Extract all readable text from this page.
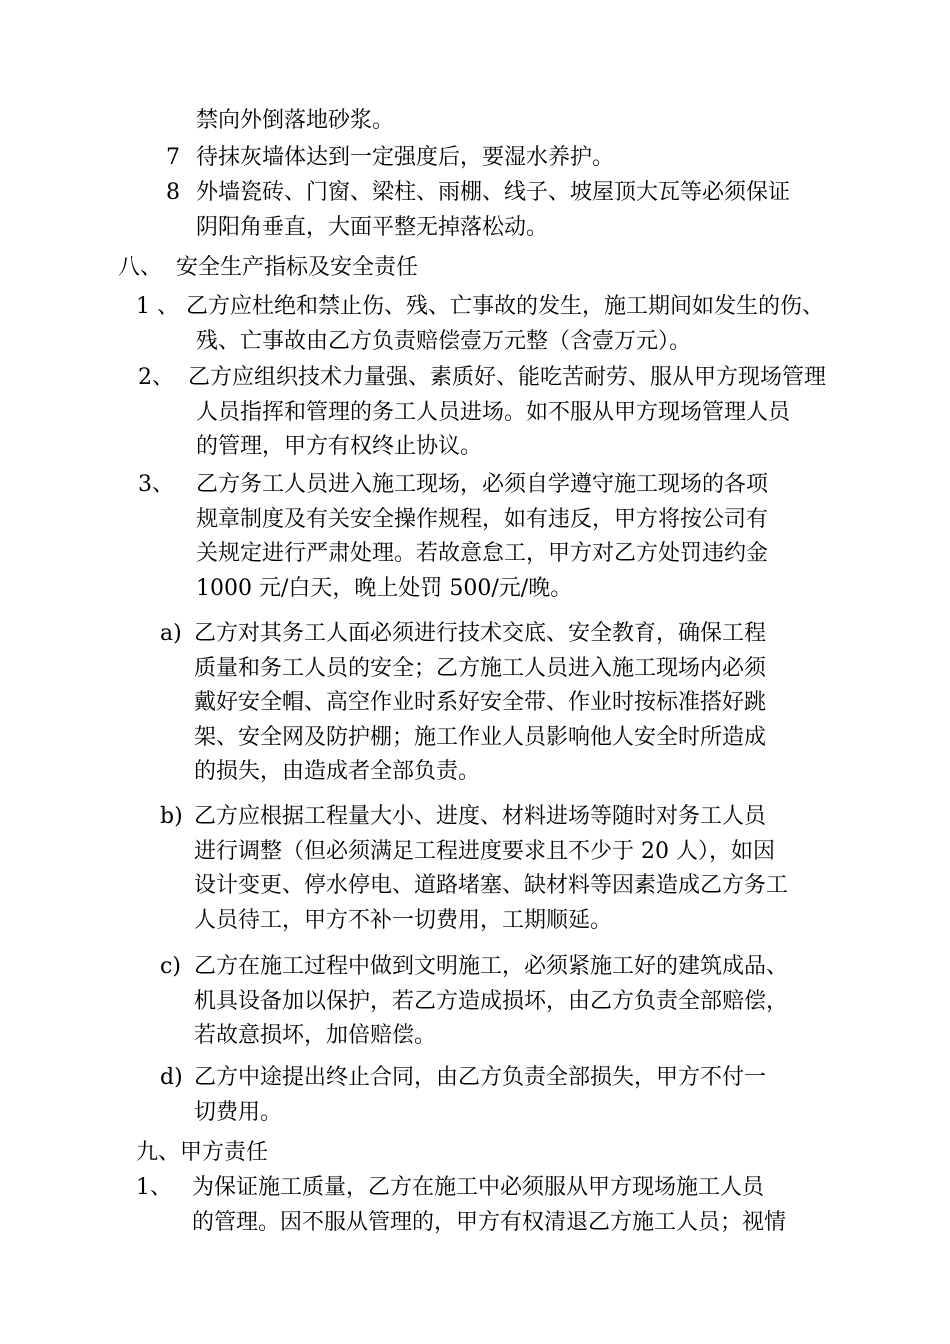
禁向外倒落地砂浆。
7 待抹灰墙体达到一定强度后，要湿水养护。
8 外墙瓷砖、门窗、梁柱、雨棚、线子、坡屋顶大瓦等必须保证
阴阳角垂直，大面平整无掉落松动。
八、 安全生产指标及安全责任
1 、 乙方应杜绝和禁止伤、残、亡事故的发生，施工期间如发生的伤、
残、亡事故由乙方负责赔偿壹万元整（含壹万元）。
2、 乙方应组织技术力量强、素质好、能吃苦耐劳、服从甲方现场管理
人员指挥和管理的务工人员进场。如不服从甲方现场管理人员
的管理，甲方有权终止协议。
3、 乙方务工人员进入施工现场，必须自学遵守施工现场的各项
规章制度及有关安全操作规程，如有违反，甲方将按公司有
关规定进行严肃处理。若故意怠工，甲方对乙方处罚违约金
1000 元/白天，晚上处罚 500/元/晚。
a) 乙方对其务工人面必须进行技术交底、安全教育，确保工程
质量和务工人员的安全；乙方施工人员进入施工现场内必须
戴好安全帽、高空作业时系好安全带、作业时按标准搭好跳
架、安全网及防护棚；施工作业人员影响他人安全时所造成
的损失，由造成者全部负责。
b) 乙方应根据工程量大小、进度、材料进场等随时对务工人员
进行调整（但必须满足工程进度要求且不少于 20 人），如因
设计变更、停水停电、道路堵塞、缺材料等因素造成乙方务工
人员待工，甲方不补一切费用，工期顺延。
c) 乙方在施工过程中做到文明施工，必须紧施工好的建筑成品、
机具设备加以保护，若乙方造成损坏，由乙方负责全部赔偿，
若故意损坏，加倍赔偿。
d) 乙方中途提出终止合同，由乙方负责全部损失，甲方不付一
切费用。
九、甲方责任
1、 为保证施工质量，乙方在施工中必须服从甲方现场施工人员
的管理。因不服从管理的，甲方有权清退乙方施工人员；视情
